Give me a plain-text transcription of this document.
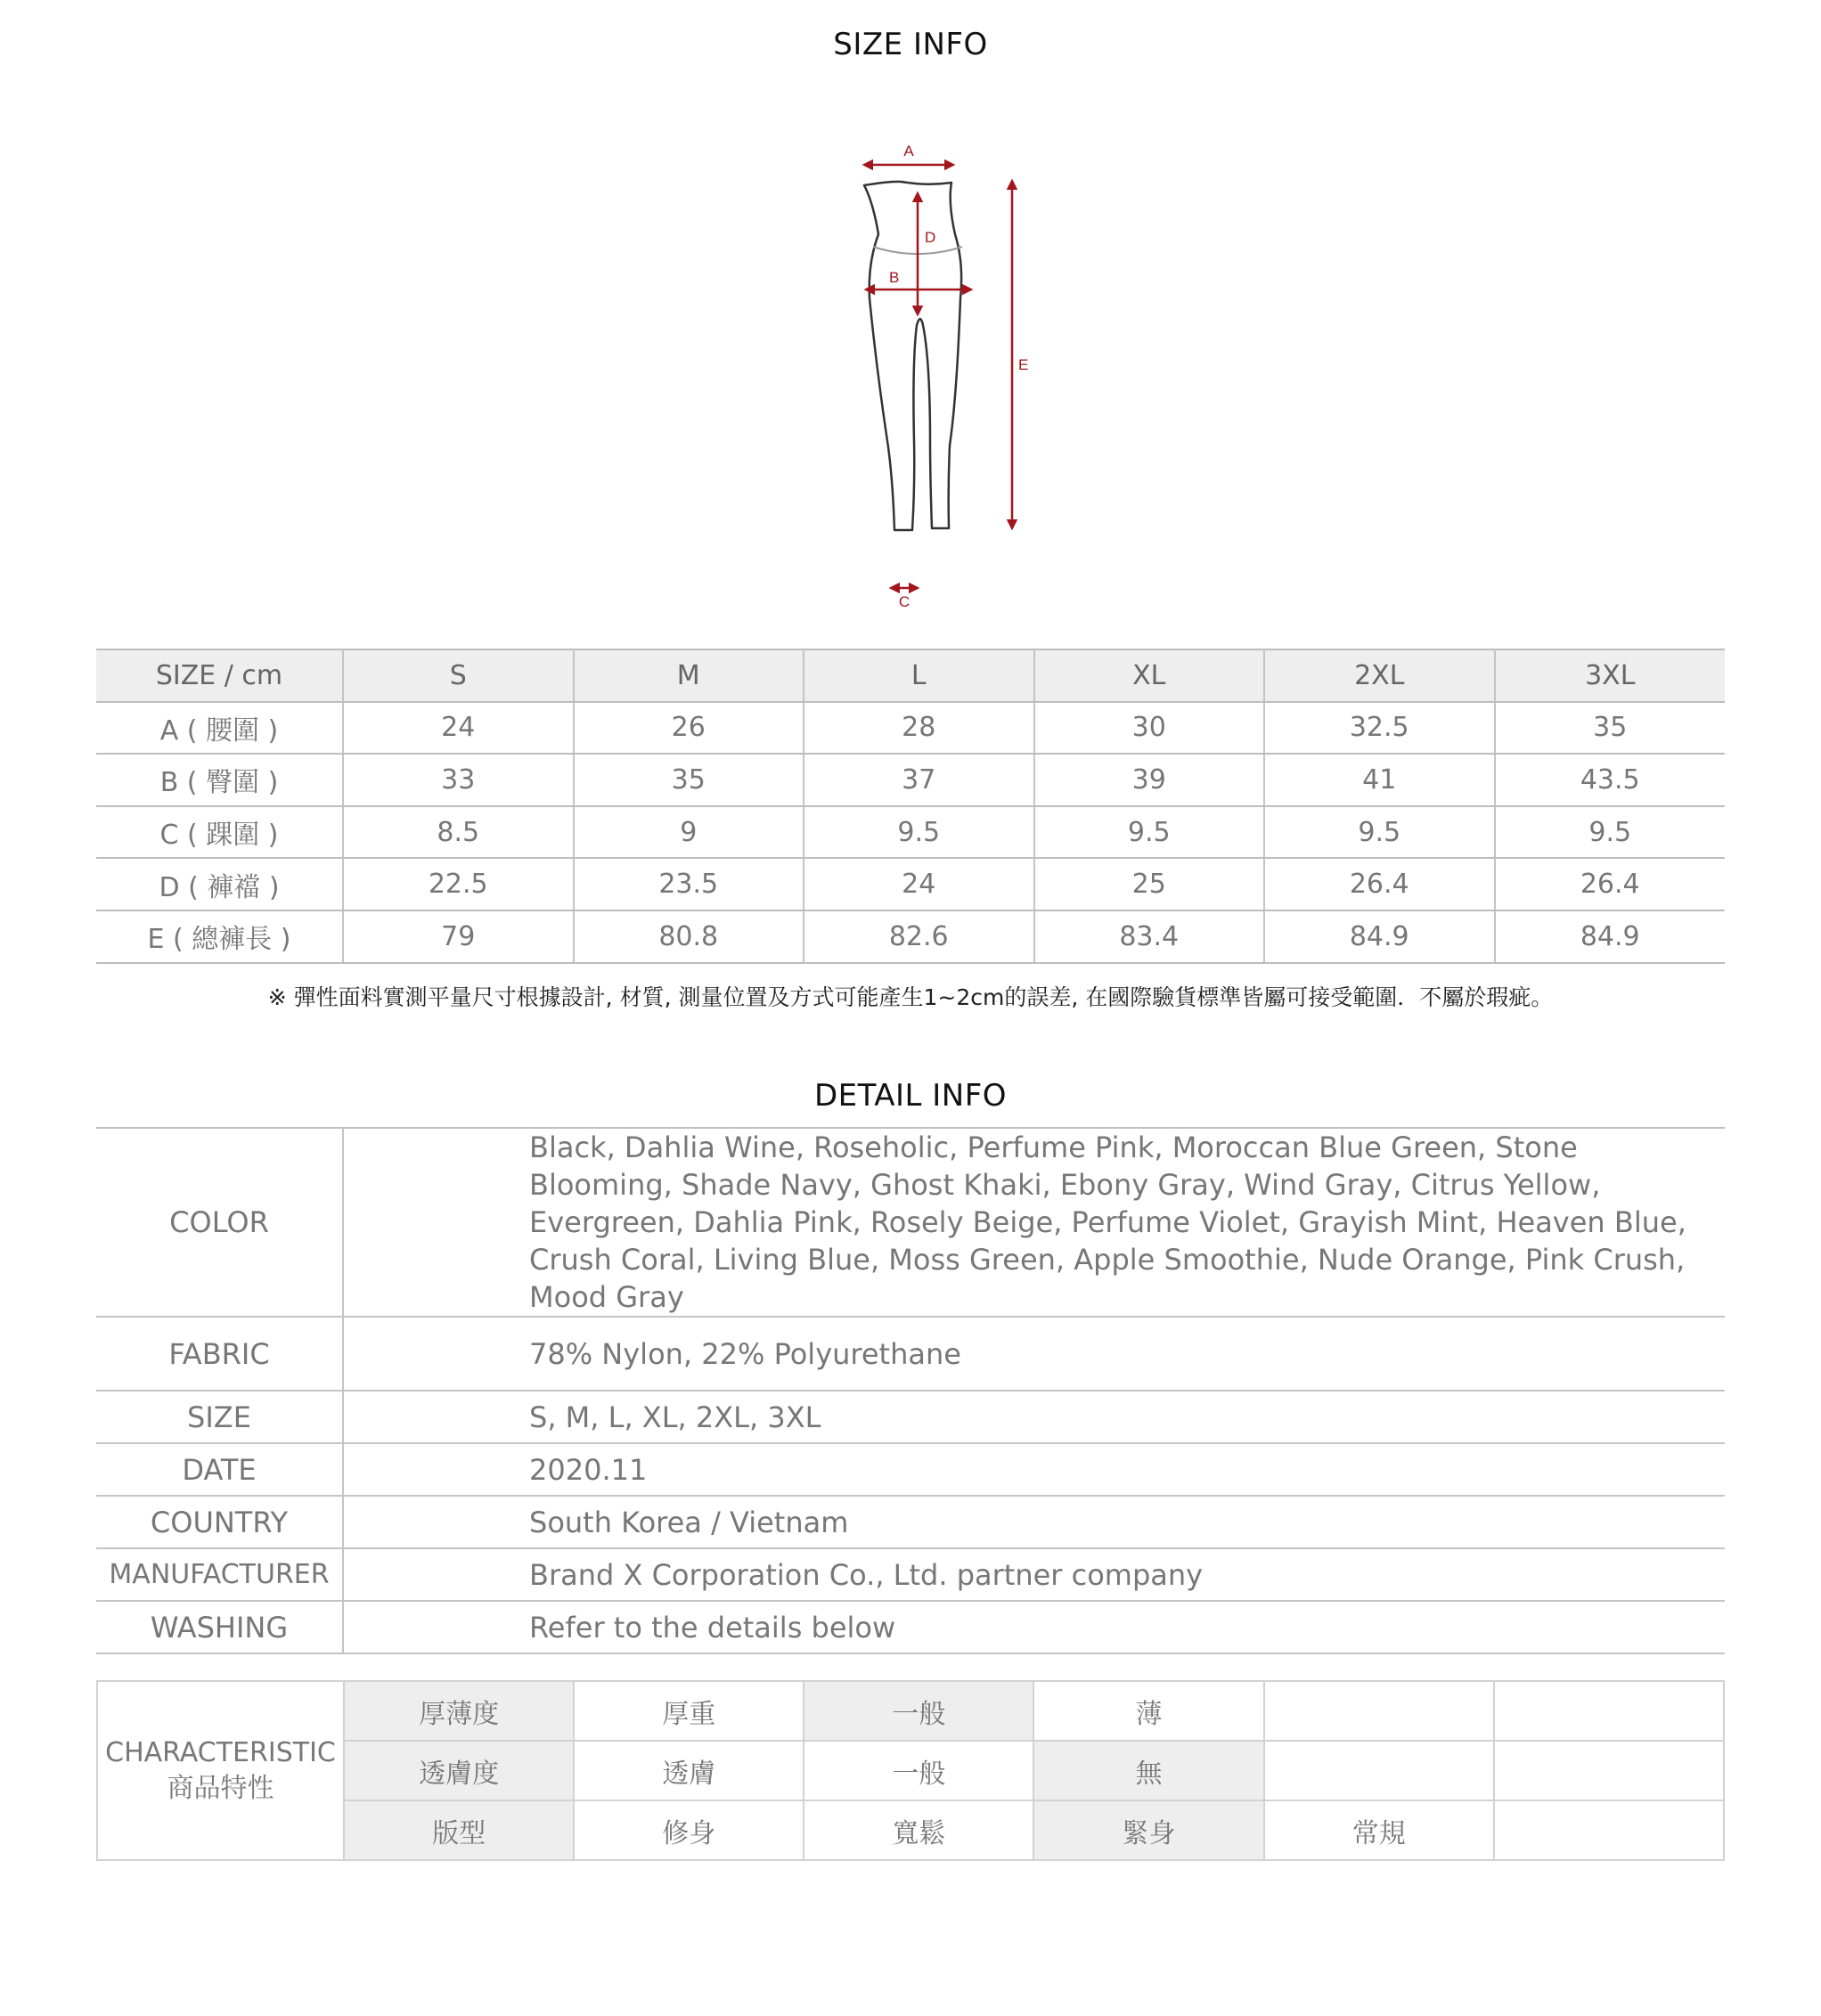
SIZE INFO
A
D
B
E
C
SIZE / cm	S	M	L	XL	2XL	3XL
A ( 腰圍 )	24	26	28	30	32.5	35
B ( 臀圍 )	33	35	37	39	41	43.5
C ( 踝圍 )	8.5	9	9.5	9.5	9.5	9.5
D ( 褲襠 )	22.5	23.5	24	25	26.4	26.4
E ( 總褲長 )	79	80.8	82.6	83.4	84.9	84.9
※ 彈性面料實測平量尺寸根據設計, 材質, 測量位置及方式可能產生1~2cm的誤差, 在國際驗貨標準皆屬可接受範圍．不屬於瑕疵。
DETAIL INFO
COLOR	Black, Dahlia Wine, Roseholic, Perfume Pink, Moroccan Blue Green, Stone Blooming, Shade Navy, Ghost Khaki, Ebony Gray, Wind Gray, Citrus Yellow, Evergreen, Dahlia Pink, Rosely Beige, Perfume Violet, Grayish Mint, Heaven Blue, Crush Coral, Living Blue, Moss Green, Apple Smoothie, Nude Orange, Pink Crush, Mood Gray
FABRIC	78% Nylon, 22% Polyurethane
SIZE	S, M, L, XL, 2XL, 3XL
DATE	2020.11
COUNTRY	South Korea / Vietnam
MANUFACTURER	Brand X Corporation Co., Ltd. partner company
WASHING	Refer to the details below
CHARACTERISTIC
商品特性	厚薄度	厚重	一般	薄		
	透膚度	透膚	一般	無		
	版型	修身	寬鬆	緊身	常規	
